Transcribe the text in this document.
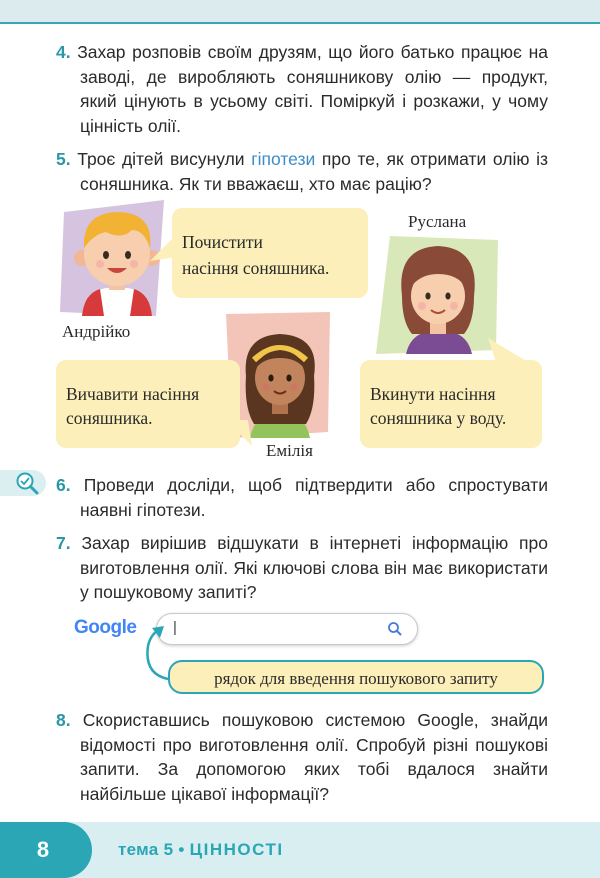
4. Захар розповів своїм друзям, що його батько працює на заводі, де виробляють соняшникову олію — продукт, який цінують в усьому світі. Поміркуй і розкажи, у чому цінність олії.
5. Троє дітей висунули гіпотези про те, як отримати олію із соняшника. Як ти вважаєш, хто має рацію?
Андрійко
Почистити
насіння соняшника.
Руслана
Вкинути насіння
соняшника у воду.
Емілія
Вичавити насіння
соняшника.
6. Проведи досліди, щоб підтвердити або спростувати наявні гіпотези.
7. Захар вирішив відшукати в інтернеті інформацію про виготовлення олії. Які ключові слова він має використати у пошуковому запиті?
Google |
рядок для введення пошукового запиту
8. Скориставшись пошуковою системою Google, знайди відомості про виготовлення олії. Спробуй різні пошукові запити. За допомогою яких тобі вдалося знайти найбільше цікавої інформації?
8	тема 5 • ЦІННОСТІ
